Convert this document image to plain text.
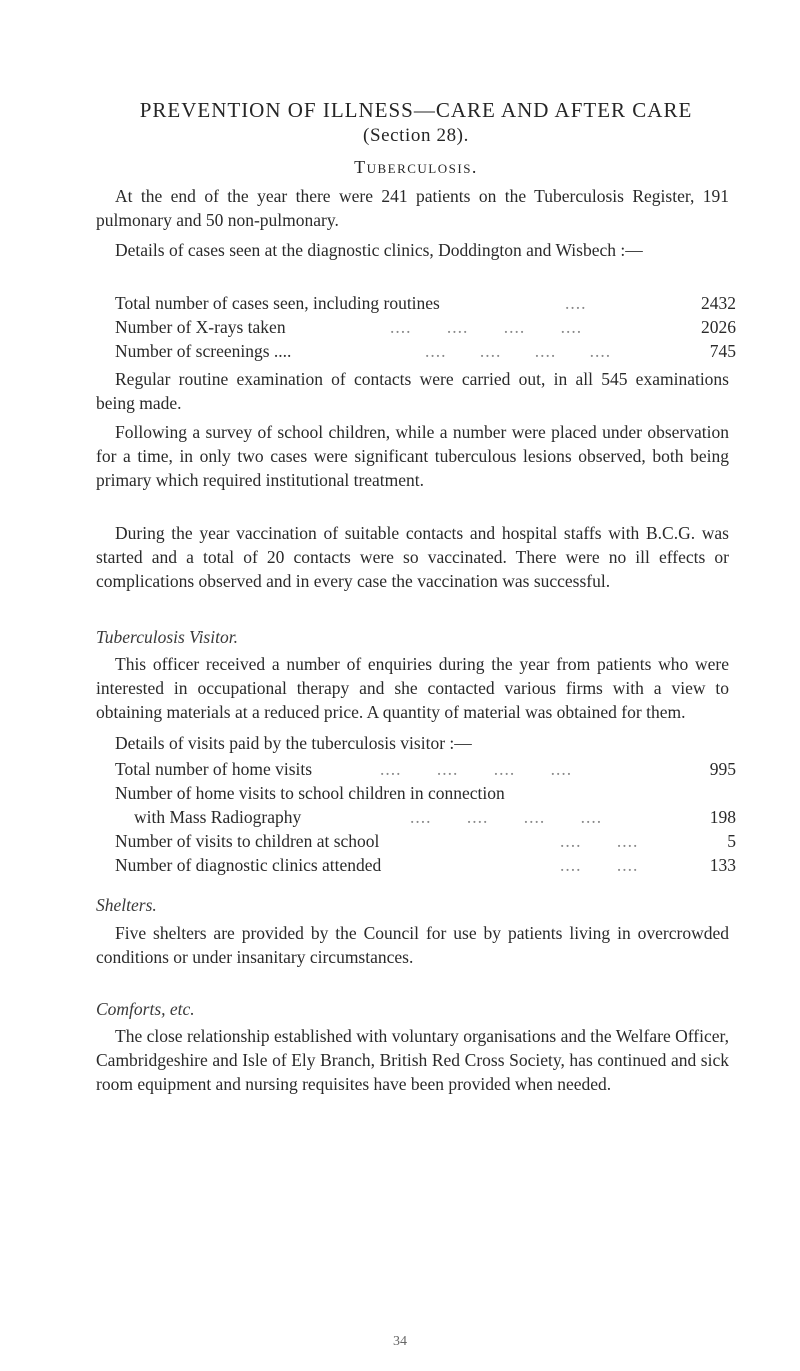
PREVENTION OF ILLNESS—CARE AND AFTER CARE
(Section 28).
Tuberculosis.
At the end of the year there were 241 patients on the Tuberculosis Register, 191 pulmonary and 50 non-pulmonary.
Details of cases seen at the diagnostic clinics, Doddington and Wisbech :—
Total number of cases seen, including routines	....	2432
Number of X-rays taken	.... .... .... ....	2026
Number of screenings ....	.... .... .... ....	745
Regular routine examination of contacts were carried out, in all 545 examinations being made.
Following a survey of school children, while a number were placed under observation for a time, in only two cases were significant tuberculous lesions observed, both being primary which required institutional treatment.
During the year vaccination of suitable contacts and hospital staffs with B.C.G. was started and a total of 20 contacts were so vaccinated. There were no ill effects or complications observed and in every case the vaccination was successful.
Tuberculosis Visitor.
This officer received a number of enquiries during the year from patients who were interested in occupational therapy and she contacted various firms with a view to obtaining materials at a reduced price. A quantity of material was obtained for them.
Details of visits paid by the tuberculosis visitor :—
Total number of home visits	.... .... .... ....	995
Number of home visits to school children in connection
with Mass Radiography	.... .... .... ....	198
Number of visits to children at school	.... ....	5
Number of diagnostic clinics attended	.... ....	133
Shelters.
Five shelters are provided by the Council for use by patients living in overcrowded conditions or under insanitary circumstances.
Comforts, etc.
The close relationship established with voluntary organisations and the Welfare Officer, Cambridgeshire and Isle of Ely Branch, British Red Cross Society, has continued and sick room equipment and nursing requisites have been provided when needed.
34
